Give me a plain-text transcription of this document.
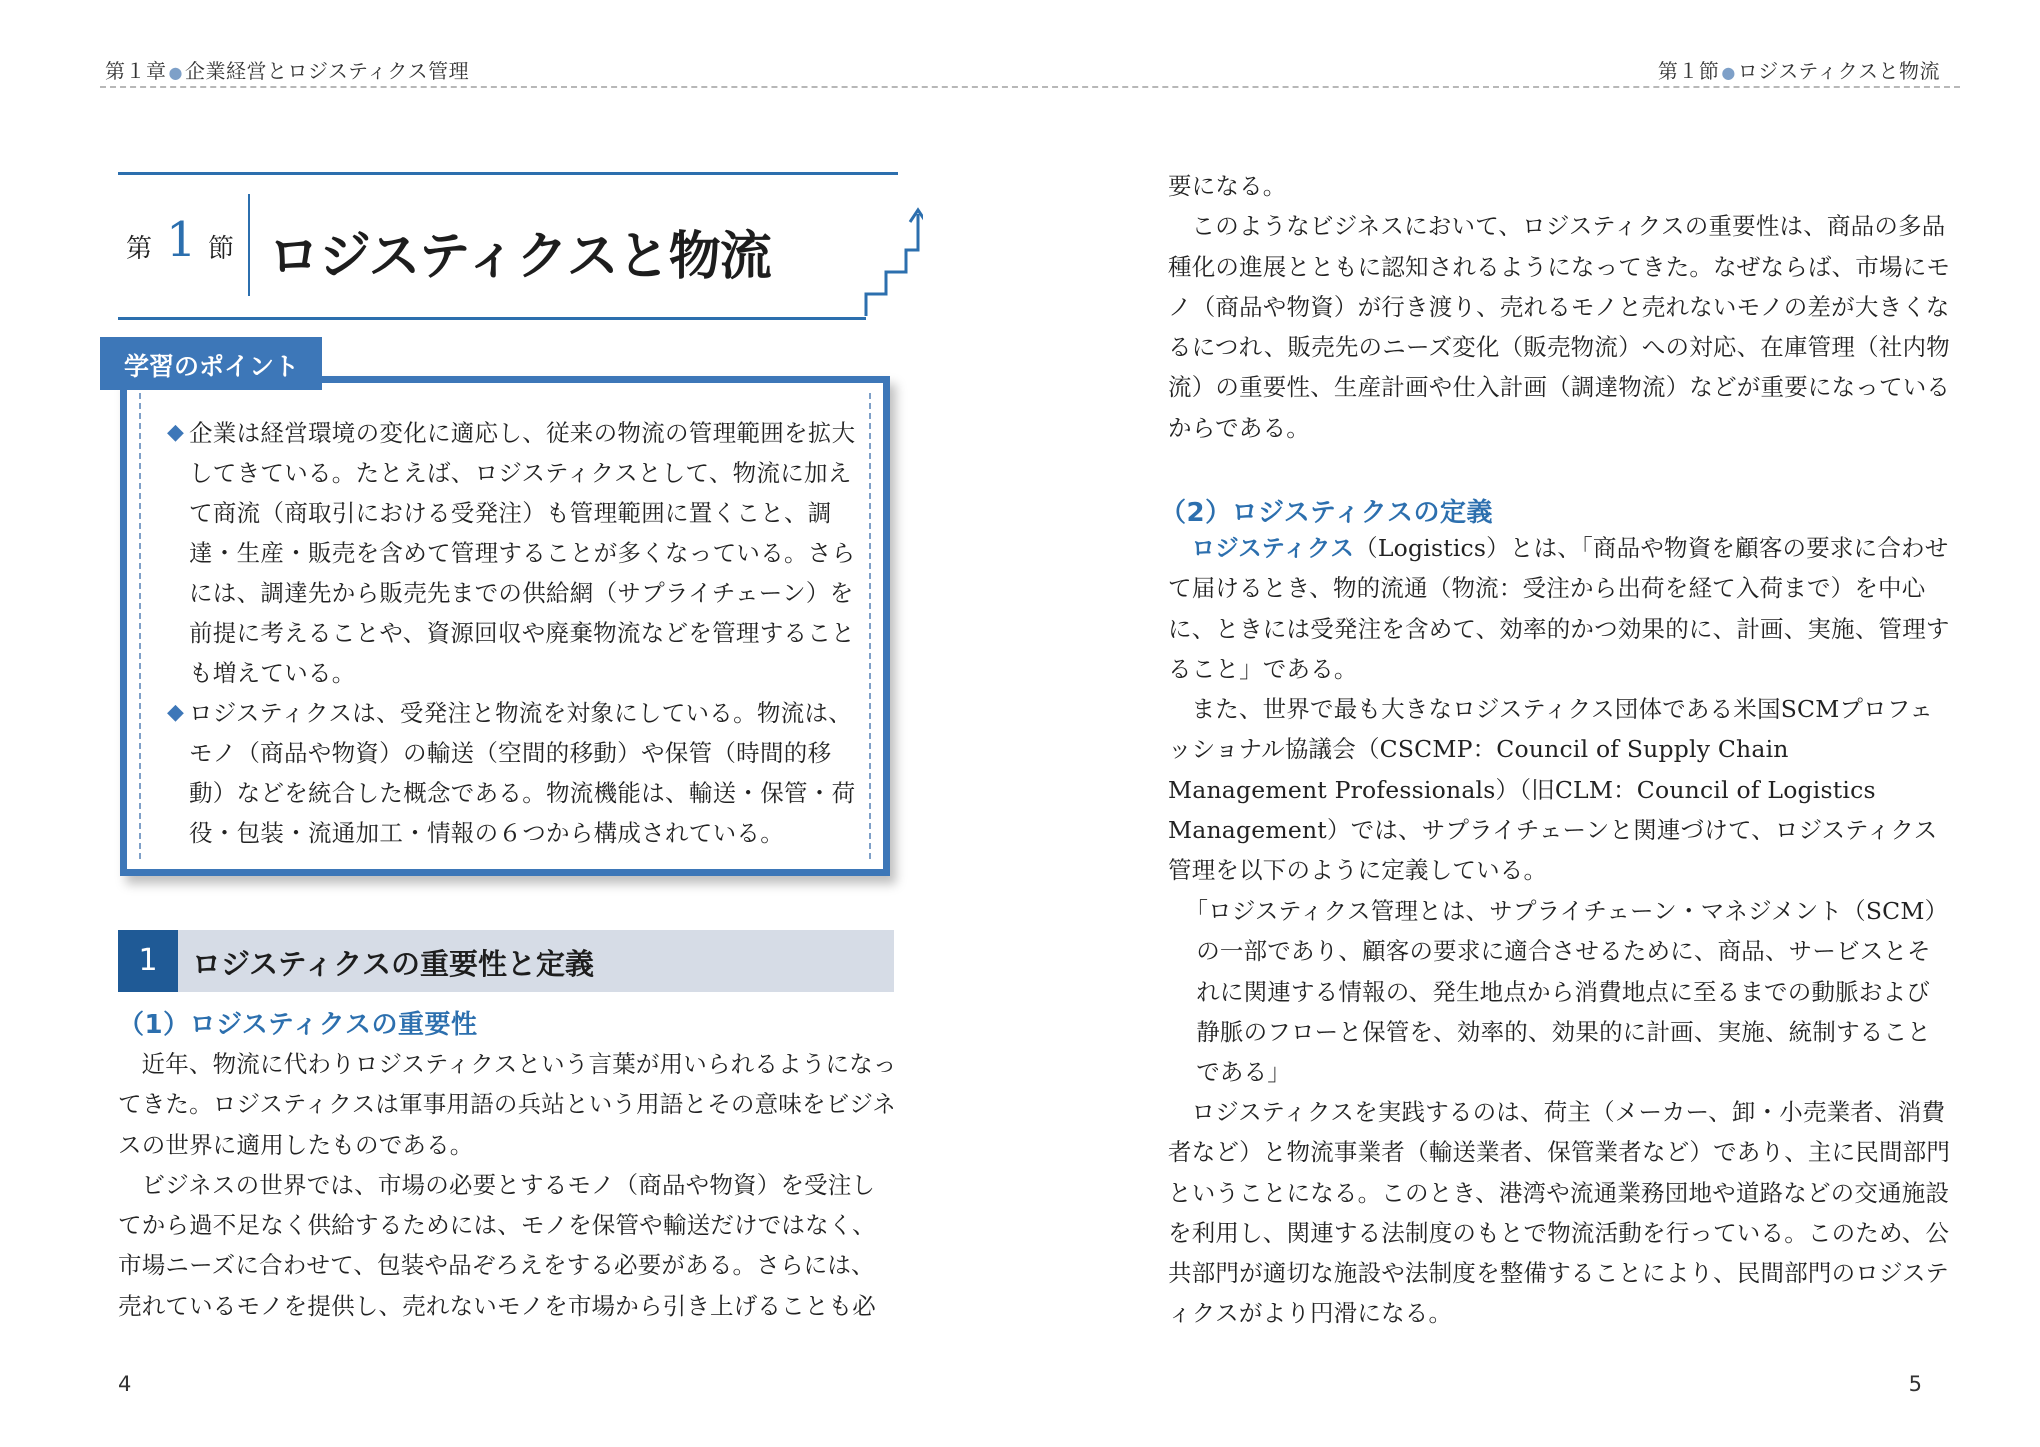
第１章 ● 企業経営とロジスティクス管理	第１節 ● ロジスティクスと物流
第 1 節 ロジスティクスと物流
学習のポイント
◆ 企業は経営環境の変化に適応し、従来の物流の管理範囲を拡大してきている。たとえば、ロジスティクスとして、物流に加えて商流（商取引における受発注）も管理範囲に置くこと、調達・生産・販売を含めて管理することが多くなっている。さらには、調達先から販売先までの供給網（サプライチェーン）を前提に考えることや、資源回収や廃棄物流などを管理することも増えている。
◆ ロジスティクスは、受発注と物流を対象にしている。物流は、モノ（商品や物資）の輸送（空間的移動）や保管（時間的移動）などを統合した概念である。物流機能は、輸送・保管・荷役・包装・流通加工・情報の６つから構成されている。
1	ロジスティクスの重要性と定義
（1）ロジスティクスの重要性

近年、物流に代わりロジスティクスという言葉が用いられるようになってきた。ロジスティクスは軍事用語の兵站という用語とその意味をビジネスの世界に適用したものである。

ビジネスの世界では、市場の必要とするモノ（商品や物資）を受注してから過不足なく供給するためには、モノを保管や輸送だけではなく、市場ニーズに合わせて、包装や品ぞろえをする必要がある。さらには、売れているモノを提供し、売れないモノを市場から引き上げることも必

要になる。

このようなビジネスにおいて、ロジスティクスの重要性は、商品の多品種化の進展とともに認知されるようになってきた。なぜならば、市場にモノ（商品や物資）が行き渡り、売れるモノと売れないモノの差が大きくなるにつれ、販売先のニーズ変化（販売物流）への対応、在庫管理（社内物流）の重要性、生産計画や仕入計画（調達物流）などが重要になっているからである。

（2）ロジスティクスの定義

ロジスティクス（Logistics）とは、「商品や物資を顧客の要求に合わせて届けるとき、物的流通（物流：受注から出荷を経て入荷まで）を中心に、ときには受発注を含めて、効率的かつ効果的に、計画、実施、管理すること」である。

また、世界で最も大きなロジスティクス団体である米国SCMプロフェッショナル協議会（CSCMP：Council of Supply Chain Management Professionals）（旧CLM：Council of Logistics Management）では、サプライチェーンと関連づけて、ロジスティクス管理を以下のように定義している。

「ロジスティクス管理とは、サプライチェーン・マネジメント（SCM）の一部であり、顧客の要求に適合させるために、商品、サービスとそれに関連する情報の、発生地点から消費地点に至るまでの動脈および静脈のフローと保管を、効率的、効果的に計画、実施、統制することである」

ロジスティクスを実践するのは、荷主（メーカー、卸・小売業者、消費者など）と物流事業者（輸送業者、保管業者など）であり、主に民間部門ということになる。このとき、港湾や流通業務団地や道路などの交通施設を利用し、関連する法制度のもとで物流活動を行っている。このため、公共部門が適切な施設や法制度を整備することにより、民間部門のロジスティクスがより円滑になる。

4	5
